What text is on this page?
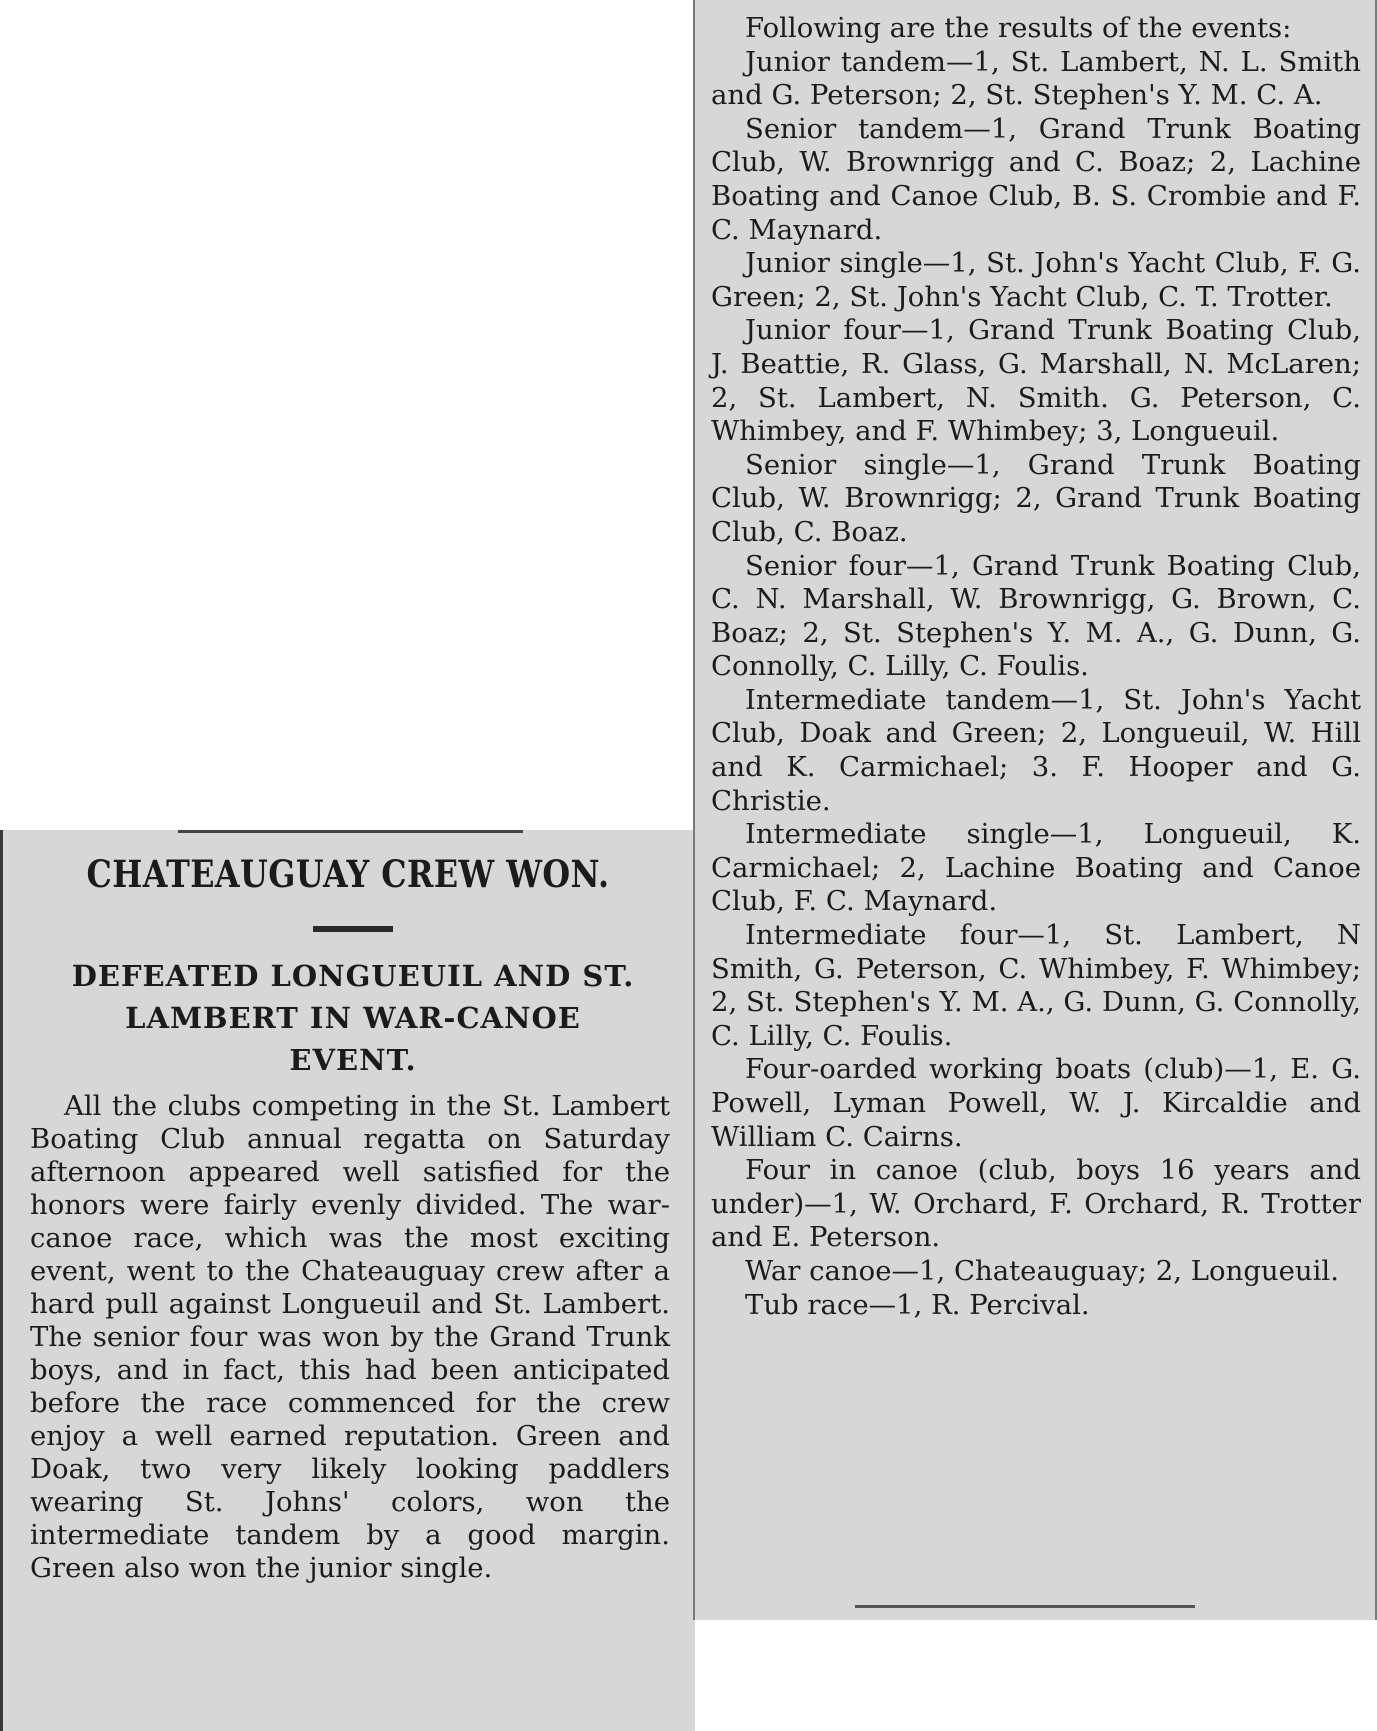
CHATEAUGUAY CREW WON.
DEFEATED LONGUEUIL AND ST.
LAMBERT IN WAR-CANOE
EVENT.

All the clubs competing in the St. Lambert Boating Club annual regatta on Saturday afternoon appeared well satisfied for the honors were fairly evenly divided. The war-canoe race, which was the most exciting event, went to the Chateauguay crew after a hard pull against Longueuil and St. Lambert. The senior four was won by the Grand Trunk boys, and in fact, this had been anticipated before the race commenced for the crew enjoy a well earned reputation. Green and Doak, two very likely looking paddlers wearing St. Johns' colors, won the intermediate tandem by a good margin. Green also won the junior single.

Following are the results of the events:

Junior tandem—1, St. Lambert, N. L. Smith and G. Peterson; 2, St. Stephen's Y. M. C. A.

Senior tandem—1, Grand Trunk Boating Club, W. Brownrigg and C. Boaz; 2, Lachine Boating and Canoe Club, B. S. Crombie and F. C. Maynard.

Junior single—1, St. John's Yacht Club, F. G. Green; 2, St. John's Yacht Club, C. T. Trotter.

Junior four—1, Grand Trunk Boating Club, J. Beattie, R. Glass, G. Marshall, N. McLaren; 2, St. Lambert, N. Smith. G. Peterson, C. Whimbey, and F. Whimbey; 3, Longueuil.

Senior single—1, Grand Trunk Boating Club, W. Brownrigg; 2, Grand Trunk Boating Club, C. Boaz.

Senior four—1, Grand Trunk Boating Club, C. N. Marshall, W. Brownrigg, G. Brown, C. Boaz; 2, St. Stephen's Y. M. A., G. Dunn, G. Connolly, C. Lilly, C. Foulis.

Intermediate tandem—1, St. John's Yacht Club, Doak and Green; 2, Longueuil, W. Hill and K. Carmichael; 3. F. Hooper and G. Christie.

Intermediate single—1, Longueuil, K. Carmichael; 2, Lachine Boating and Canoe Club, F. C. Maynard.

Intermediate four—1, St. Lambert, N Smith, G. Peterson, C. Whimbey, F. Whimbey; 2, St. Stephen's Y. M. A., G. Dunn, G. Connolly, C. Lilly, C. Foulis.

Four-oarded working boats (club)—1, E. G. Powell, Lyman Powell, W. J. Kircaldie and William C. Cairns.

Four in canoe (club, boys 16 years and under)—1, W. Orchard, F. Orchard, R. Trotter and E. Peterson.

War canoe—1, Chateauguay; 2, Longueuil.

Tub race—1, R. Percival.
